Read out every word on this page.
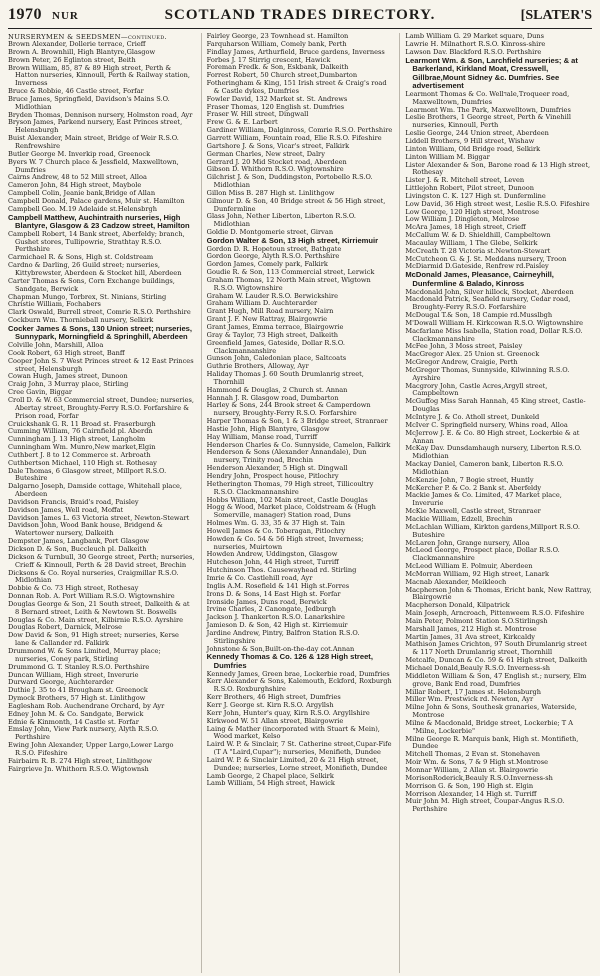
1970 NUR	SCOTLAND TRADES DIRECTORY.	[SLATER'S
NURSERYMEN & SEEDSMEN—continued.
Brown Alexander, Dollerie terrace, Crieff
Brown A. Brownhill, High Blantyre,Glasgow
Brown Peter, 26 Eglinton street, Beith
Brown William, 85, 87 & 89 High street, Perth & Hatton nurseries, Kinnoull, Perth & Railway station, Inverness
Bruce & Robbie, 46 Castle street, Forfar
Bruce James, Springfield, Davidson's Mains S.O. Midlothian
Bryden Thomas, Dennison nursery, Holmston road, Ayr
Bryson James, Parkend nursery, East Princes street, Helensburgh
Buist Alexander, Main street, Bridge of Weir R.S.O. Renfrewshire
Butler George M. Inverkip road, Greenock
Byers W. 7 Church place & Jessfield, Maxwelltown, Dumfries
Cairns Andrew, 48 to 52 Mill street, Alloa
Cameron John, 84 High street, Maybole
Campbell Colin, Jeanie bank,Bridge of Allan
Campbell Donald, Palace gardens, Muir st. Hamilton
Campbell Geo. M.19 Adelaide st.Helensbrgh
Campbell Matthew, Auchintraith nurseries, High Blantyre, Glasgow & 23 Cadzow street, Hamilton
Campbell Robert, 14 Bank street, Aberfeldy; branch, Gushet stores, Tullipowrie, Strathtay R.S.O. Perthshire
Carmichael R. & Sons, High st. Coldstream
Cardno & Darling, 26 Guild street; nurseries, Kittybrewster, Aberdeen & Stocket hill, Aberdeen
Carter Thomas & Sons, Corn Exchange buildings, Sandgate, Berwick
Chapman Mungo, Torbrex, St. Ninians, Stirling
Christie William, Fochabers
Clark Oswald, Burrell street, Comrie R.S.O. Perthshire
Cockburn Wm. Thornieball nursery, Selkirk
Cocker James & Sons, 130 Union street; nurseries, Sunnypark, Morningfield & Springhill, Aberdeen
Colville John, Marshill, Alloa
Cook Robert, 63 High street, Banff
Cooper John S. 7 West Princes street & 12 East Princes street, Helensburgh
Cowan Hugh, James street, Dunoon
Craig John, 3 Murray place, Stirling
Cree Gavin, Biggar
Croll D. & W. 63 Commercial street, Dundee; nurseries, Abertay street, Broughty-Ferry R.S.O. Forfarshire & Prison road, Forfar
Cruickshank G. R. 11 Broad st. Fraserburgh
Cumming William, 76 Cairnfield pl. Aberdn
Cunningham J. 13 High street, Langholm
Cunningham Wm. Munro,New market,Elgin
Cuthbert J. 8 to 12 Commerce st. Arbroath
Cuthbertson Michael, 110 High st. Rothesay
Dale Thomas, 6 Glasgow street, Millport R.S.O. Buteshire
Dalgarno Joseph, Damside cottage, Whitehall place, Aberdeen
Davidson Francis, Braid's road, Paisley
Davidson James, Well road, Moffat
Davidson James L. 63 Victoria street, Newton-Stewart
Davidson John, Wood Bank house, Bridgend & Watertower nursery, Dalkeith
Dempster James, Langbank, Port Glasgow
Dickson D. & Son, Buccleuch pl. Dalkeith
Dickson & Turnbull, 30 George street, Perth; nurseries, Crieff & Kinnoull, Perth & 28 David street, Brechin
Dicksons & Co. Royal nurseries, Craigmillar R.S.O. Midlothian
Dobbie & Co. 73 High street, Rothesay
Donnan Rob. A. Port William R.S.O. Wigtownshire
Douglas George & Son, 21 South street, Dalkeith & at 8 Bernard street, Leith & Newtown St. Boswells
Douglas & Co. Main street, Kilbirnie R.S.O. Ayrshire
Douglas Robert, Darnick, Melrose
Dow David & Son, 91 High street; nurseries, Kerse lane & Callander rd. Falkirk
Drummond W. & Sons Limited, Murray place; nurseries, Coney park, Stirling
Drummond G. T. Stanley R.S.O. Perthshire
Duncan William, High street, Inverurie
Durward George, Auchterarder
Duthie J. 35 to 41 Brougham st. Greenock
Dymock Brothers, 57 High st. Linlithgow
Eaglesham Rob. Auchendrane Orchard, by Ayr
Edney John M. & Co. Sandgate, Berwick
Ednie & Kinmonth, 14 Castle st. Forfar
Emslay John, View Park nursery, Alyth R.S.O. Perthshire
Ewing John Alexander, Upper Largo,Lower Largo R.S.O. Fifeshire
Fairbairn R. B. 274 High street, Linlithgow
Fairgrieve Jn. Whithorn R.S.O. Wigtownsh
Fairley George, 23 Townhead st. Hamilton
Farquharson William, Comely bank, Perth
Findlay James, Arthurfield, Bruce gardens, Inverness
Forbes J. 17 Stirrig crescent, Hawick
Foreman Fredk. & Son, Eskbank, Dalkeith
Forrest Robert, 50 Church street,Dumbarton
Fotheringham & King, 151 Irish street & Craig's road & Castle dykes, Dumfries
Fowler David, 132 Market st. St. Andrews
Fraser Thomas, 120 English st. Dumfries
Fraser W. Hill street, Dingwall
Frew G. & E. Larbert
Gardiner William, Dalginross, Comrie R.S.O. Perthshire
Garrett William, Fountain road, Elie R.S.O. Fifeshire
Gartshore J. & Sons, Vicar's street, Falkirk
German Charles, New street, Dalry
Gerrard J. 20 Mid Stocket road, Aberdeen
Gibson D. Whithorn R.S.O. Wigtownshire
Gilchrist J. & Son, Duddingston, Portobello R.S.O. Midlothian
Gillon Miss B. 287 High st. Linlithgow
Gilmour D. & Son, 40 Bridge street & 56 High street, Dunfermline
Glass John, Nether Liberton, Liberton R.S.O. Midlothian
Goldie D. Montgomerie street, Girvan
Gordon Walter & Son, 13 High street, Kirriemuir
Gordon D. R. Hopetoun street, Bathgate
Gordon George, Alyth R.S.O. Perthshire
Gordon James, Comely park, Falkirk
Goudie R. & Son, 113 Commercial street, Lerwick
Graham Thomas, 12 North Main street, Wigtown R.S.O. Wigtownshire
Graham W. Lauder R.S.O. Berwickshire
Graham William D. Auchterarder
Grant Hugh, Mill Road nursery, Nairn
Grant J. F. New Rattray, Blairgowrie
Grant James, Emma terrace, Blairgowrie
Gray & Taylor, 73 High street, Dalkeith
Greenfield James, Gateside, Dollar R.S.O. Clackmannanshire
Gunson John, Caledonian place, Saltcoats
Guthrie Brothers, Alloway, Ayr
Haliday Thomas J. 60 South Drumlanrig street, Thornhill
Hammond & Douglas, 2 Church st. Annan
Hannah J. R. Glasgow road, Dumbarton
Harley & Sons, 244 Brook street & Camperdown nursery, Broughty-Ferry R.S.O. Forfarshire
Harper Thomas & Son, 1 & 3 Bridge street, Stranraer
Hastie John, High Blantyre, Glasgow
Hay William, Manse road, Turriff
Henderson Charles & Co. Sunnyside, Camelon, Falkirk
Henderson & Sons (Alexander Annandale), Dun nursery, Trinity road, Brechin
Henderson Alexander, 5 High st. Dingwall
Hendry John, Prospect house, Pitlochry
Hetherington Thomas, 79 High street, Tillicoultry R.S.O. Clackmannanshire
Hobbs William, 102 Main street, Castle Douglas
Hogg & Wood, Market place, Coldstream & (Hugh Somerville, manager) Station road, Duns
Holmes Wm. G. 33, 35 & 37 High st. Tain
Howell James & Co. Toberagan, Pitlochry
Howden & Co. 54 & 56 High street, Inverness; nurseries, Muirtown
Howden Andrew, Uddingston, Glasgow
Hutcheson John, 44 High street, Turriff
Hutchinson Thos. Causewayhead rd. Stirling
Imrie & Co. Castlehill road, Ayr
Inglis A.M. Rosefield & 141 High st.Forres
Irons D. & Sons, 14 East High st. Forfar
Ironside James, Duns road, Berwick
Irvine Charles, 2 Canongate, Jedburgh
Jackson J. Thankerton R.S.O. Lanarkshire
Jamieson D. & Son, 42 High st. Kirriemuir
Jardine Andrew, Pintry, Balfron Station R.S.O. Stirlingshire
Johnstone & Son,Built-on-the-day cot.Annan
Kennedy Thomas & Co. 126 & 128 High street, Dumfries
Kennedy James, Green brae, Lockerbie road, Dumfries
Kerr Alexander & Sons, Kalemouth, Eckford, Roxburgh R.S.O. Roxburghshire
Kerr Brothers, 46 High street, Dumfries
Kerr J. George st. Kirn R.S.O. Argyllsh
Kerr John, Hunter's quay, Kirn R.S.O. Argyllshire
Kirkwood W. 51 Allan street, Blairgowrie
Laing & Mather (incorporated with Stuart & Mein), Wood market, Kelso
Laird W. P. & Sinclair, 7 St. Catherine street,Cupar-Fife (T A "Laird,Cupar"); nurseries, Menifieth, Dundee
Laird W. P. & Sinclair Limited, 20 & 21 High street, Dundee; nurseries, Lorne street, Monifieth, Dundee
Lamb George, 2 Chapel place, Selkirk
Lamb William, 54 High street, Hawick
Lamb William G. 29 Market square, Duns
Lawrie H. Milnathort R.S.O. Kinross-shire
Lawson Dav. Blackford R.S.O. Perthshire
Learmont Wm. & Son, Larchfield nurseries; & at Barkerland, Kirkland Moat, Cresswell, Gillbrae,Mount Sidney &c. Dumfries. See advertisement
Learmont Thomas & Co. Wellדale,Troqueer road, Maxwelltown, Dumfries
Learmont Wm. The Park, Maxwelltown, Dumfries
Leslie Brothers, 1 George street, Perth & Vinehill nurseries, Kinnoull, Perth
Leslie George, 244 Union street, Aberdeen
Liddell Brothers, 9 Hill street, Wishaw
Linton William, Old Bridge road, Selkirk
Linton William M. Biggar
Lister Alexander & Son, Barone road & 13 High street, Rothesay
Lister J. & R. Mitchell street, Leven
Littlejohn Robert, Pilot street, Dunoon
Livingston C. K. 127 High st. Dunfermline
Low David, 36 High street west, Leslie R.S.O. Fifeshire
Low George, 120 High street, Montrose
Low William J. Dingleton, Melrose
McAra James, 18 High street, Crieff
McCallum W. & D. Shieldhill, Campbeltown
Macaulay William, 1 The Glebe, Selkirk
McCreath T. 28 Victoria st.Newton-Stewart
McCutcheon G. & J. St. Meddans nursery, Troon
McDiarmid D.Gateside, Renfrew rd.Paisley
McDonald James, Pleasance, Cairneyhill, Dunfermline & Balado, Kinross
Macdonald John, Silver hillock, Stocket, Aberdeen
Macdonald Patrick, Seafield nursery, Cedar road, Broughty-Ferry R.S.O. Forfarshire
McDougal T.& Son, 18 Campie rd.Musslbgh
M'Dowall William H. Kirkcowan R.S.O. Wigtownshire
Macfarlane Miss Isabella, Station road, Dollar R.S.O. Clackmannanshire
McFee John, 3 Moss street, Paisley
MacGregor Alex. 25 Union st. Greenock
McGregor Andrew, Craigie, Perth
McGregor Thomas, Sunnyside, Kilwinning R.S.O. Ayrshire
Macgrory John, Castle Acres,Argyll street, Campbeltown
McGuffog Miss Sarah Hannah, 45 King street, Castle-Douglas
McIntyre J. & Co. Atholl street, Dunkeld
McIver C. Springfield nursery, Whins road, Alloa
McJerrow J. E. & Co. 80 High street, Lockerbie & at Annan
McKay Dav. Dunsdamhaugh nursery, Liberton R.S.O. Midlothian
Mackay Daniel, Cameron bank, Liberton R.S.O. Midlothian
McKenzie John, 7 Bogie street, Huntly
McKercher P. & Co. 2 Bank st. Aberfeldy
Mackie James & Co. Limited, 47 Market place, Inverurie
McKie Maxwell, Castle street, Stranraer
Mackie William, Edzell, Brechin
McLachlan William, Kirkton gardens,Millport R.S.O. Buteshire
McLaren John, Grange nursery, Alloa
McLeod George, Prospect place, Dollar R.S.O. Clackmannanshire
McLeod William E. Polmuir, Aberdeen
McMorran William, 92 High street, Lanark
Macnab Alexander, Meikleoch
Macpherson John & Thomas, Ericht bank, New Rattray, Blairgowrie
Macpherson Donald, Kilpatrick
Main Joseph, Arncroach, Pittenweem R.S.O. Fifeshire
Main Peter, Polmont Station S.O.Stirlingsh
Marshall James, 212 High st. Montrose
Martin James, 31 Ava street, Kirkcaldy
Mathison James Crichton, 97 South Drumlanrig street & 117 North Drumlanrig street, Thornhill
Metcalfe, Duncan & Co. 59 & 61 High street, Dalkeith
Michael Donald,Beauly R.S.O. Inverness-sh
Middleton William & Son, 47 English st.; nursery, Elm grove, Bank End road, Dumfries
Millar Robert, 17 James st. Helensburgh
Miller Wm. Prestwick rd. Newton, Ayr
Milne John & Sons, Southesk granaries, Waterside, Montrose
Milne & Macdonald, Bridge street, Lockerbie; T A "Milne, Lockerbie"
Milne George R. Marquis bank, High st. Montifieth, Dundee
Mitchell Thomas, 2 Evan st. Stonehaven
Moir Wm. & Sons, 7 & 9 High st.Montrose
Monnar William, 2 Allan st. Blairgowrie
MorisonRoderick,Beauly R.S.O.Inverness-sh
Morrison G. & Son, 190 High st. Elgin
Morrison Alexander, 14 High st. Turriff
Muir John M. High street, Coupar-Angus R.S.O. Perthshire
